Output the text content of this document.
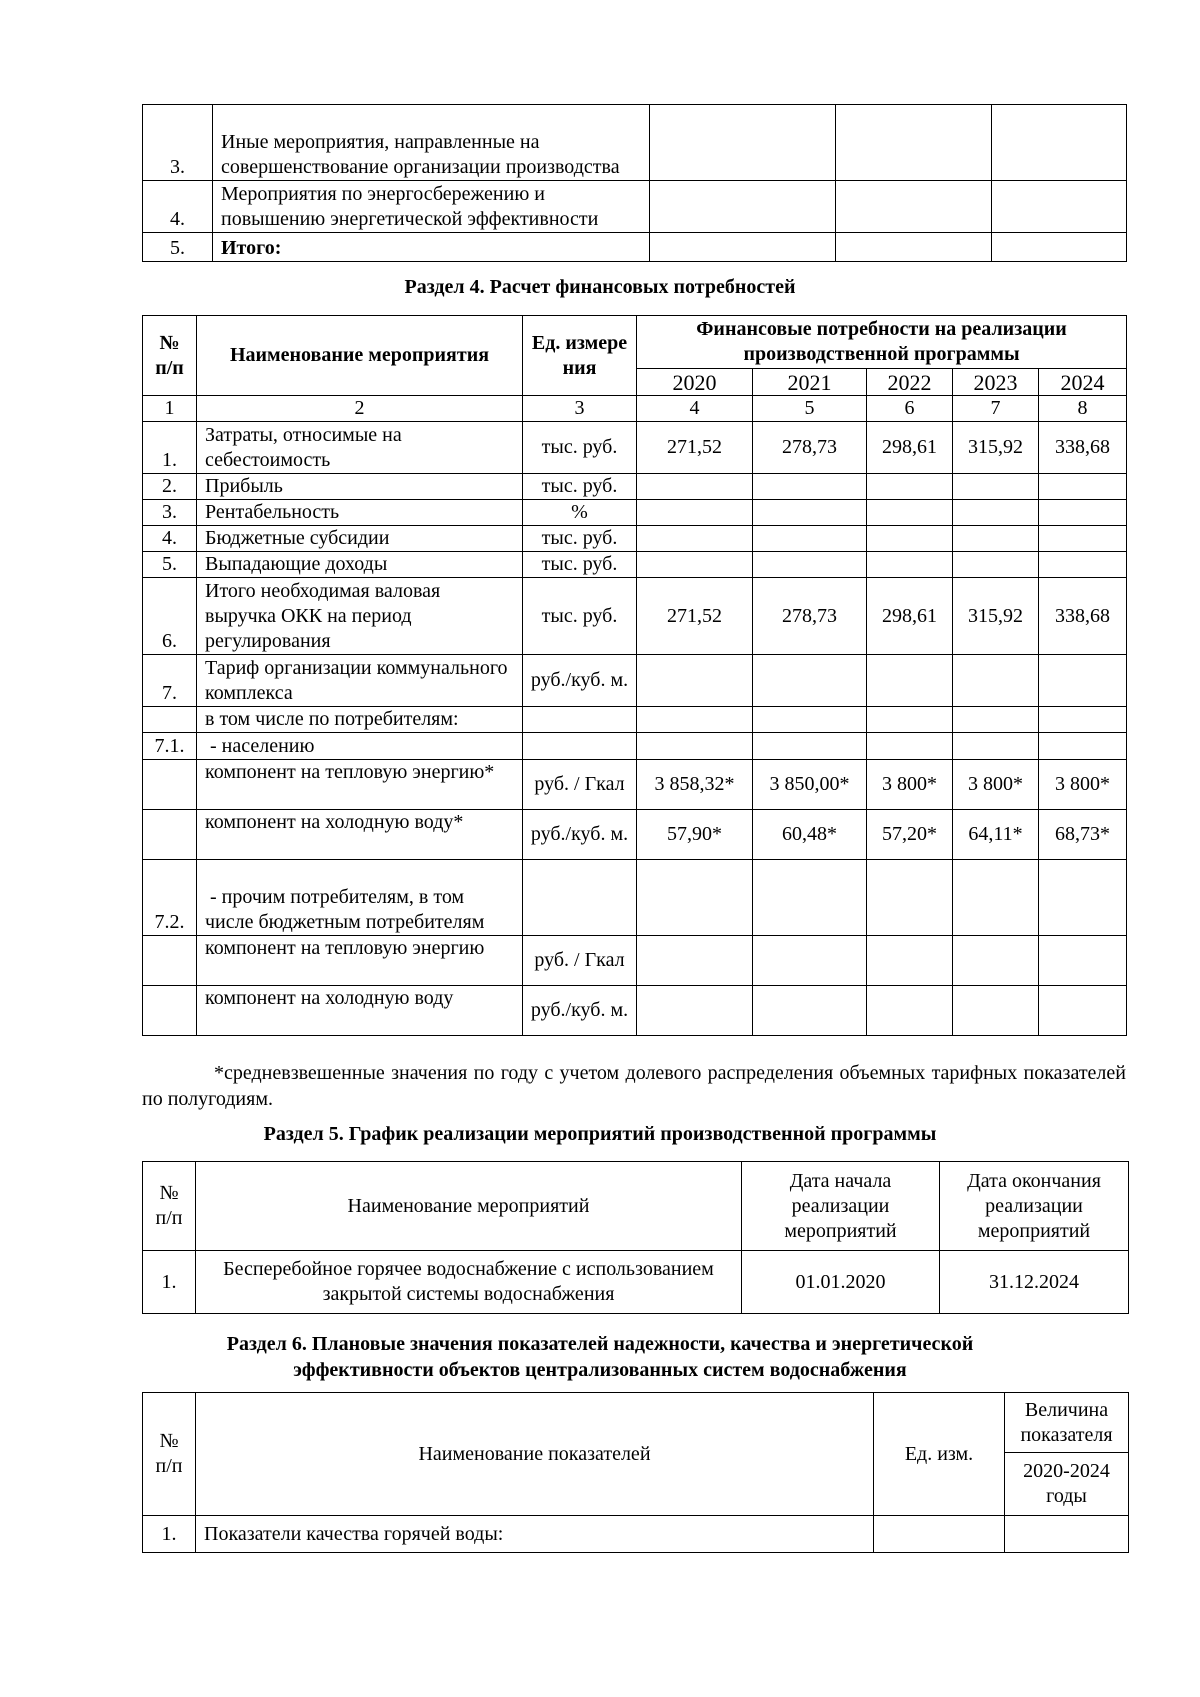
3.	Иные мероприятия, направленные на совершенствование организации производства			
4.	Мероприятия по энергосбережению и повышению энергетической эффективности			
5.	Итого:			
Раздел 4. Расчет финансовых потребностей
№ п/п	Наименование мероприятия	Ед. измерения	Финансовые потребности на реализации производственной программы				
			2020	2021	2022	2023	2024
1	2	3	4	5	6	7	8
1.	Затраты, относимые на себестоимость	тыс. руб.	271,52	278,73	298,61	315,92	338,68
2.	Прибыль	тыс. руб.					
3.	Рентабельность	%					
4.	Бюджетные субсидии	тыс. руб.					
5.	Выпадающие доходы	тыс. руб.					
6.	Итого необходимая валовая выручка ОКК на период регулирования	тыс. руб.	271,52	278,73	298,61	315,92	338,68
7.	Тариф организации коммунального комплекса	руб./куб. м.					
	в том числе по потребителям:						
7.1.	- населению						
	компонент на тепловую энергию*	руб. / Гкал	3 858,32*	3 850,00*	3 800*	3 800*	3 800*
	компонент на холодную воду*	руб./куб. м.	57,90*	60,48*	57,20*	64,11*	68,73*
7.2.	- прочим потребителям, в том числе бюджетным потребителям						
	компонент на тепловую энергию	руб. / Гкал					
	компонент на холодную воду	руб./куб. м.					
*средневзвешенные значения по году с учетом долевого распределения объемных тарифных показателей по полугодиям.
Раздел 5. График реализации мероприятий производственной программы
№ п/п	Наименование мероприятий	Дата начала реализации мероприятий	Дата окончания реализации мероприятий
1.	Бесперебойное горячее водоснабжение с использованием закрытой системы водоснабжения	01.01.2020	31.12.2024
Раздел 6. Плановые значения показателей надежности, качества и энергетической
эффективности объектов централизованных систем водоснабжения
№ п/п	Наименование показателей	Ед. изм.	Величина показателя
			2020-2024 годы
1.	Показатели качества горячей воды:		
